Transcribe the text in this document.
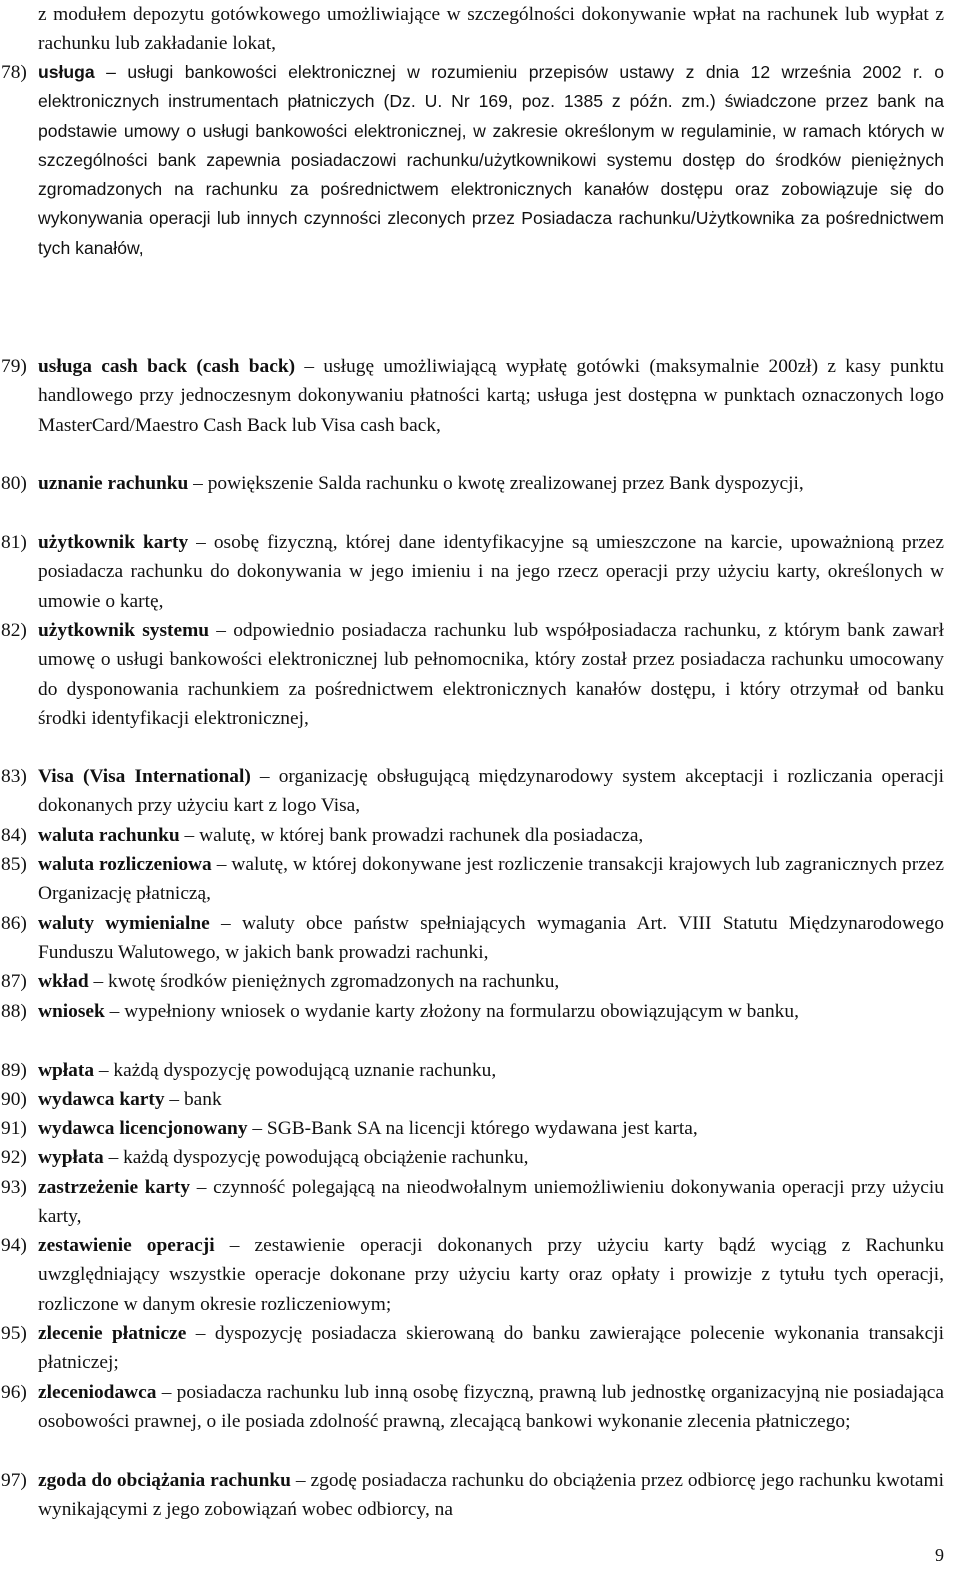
z modułem depozytu gotówkowego umożliwiające w szczególności dokonywanie wpłat na rachunek lub wypłat z rachunku lub zakładanie lokat,
78) usługa – usługi bankowości elektronicznej w rozumieniu przepisów ustawy z dnia 12 września 2002 r. o elektronicznych instrumentach płatniczych (Dz. U. Nr 169, poz. 1385 z późn. zm.) świadczone przez bank na podstawie umowy o usługi bankowości elektronicznej, w zakresie określonym w regulaminie, w ramach których w szczególności bank zapewnia posiadaczowi rachunku/użytkownikowi systemu dostęp do środków pieniężnych zgromadzonych na rachunku za pośrednictwem elektronicznych kanałów dostępu oraz zobowiązuje się do wykonywania operacji lub innych czynności zleconych przez Posiadacza rachunku/Użytkownika za pośrednictwem tych kanałów,
79) usługa cash back (cash back) – usługę umożliwiającą wypłatę gotówki (maksymalnie 200zł) z kasy punktu handlowego przy jednoczesnym dokonywaniu płatności kartą; usługa jest dostępna w punktach oznaczonych logo MasterCard/Maestro Cash Back lub Visa cash back,
80) uznanie rachunku – powiększenie Salda rachunku o kwotę zrealizowanej przez Bank dyspozycji,
81) użytkownik karty – osobę fizyczną, której dane identyfikacyjne są umieszczone na karcie, upoważnioną przez posiadacza rachunku do dokonywania w jego imieniu i na jego rzecz operacji przy użyciu karty, określonych w umowie o kartę,
82) użytkownik systemu – odpowiednio posiadacza rachunku lub współposiadacza rachunku, z którym bank zawarł umowę o usługi bankowości elektronicznej lub pełnomocnika, który został przez posiadacza rachunku umocowany do dysponowania rachunkiem za pośrednictwem elektronicznych kanałów dostępu, i który otrzymał od banku środki identyfikacji elektronicznej,
83) Visa (Visa International) – organizację obsługującą międzynarodowy system akceptacji i rozliczania operacji dokonanych przy użyciu kart z logo Visa,
84) waluta rachunku – walutę, w której bank prowadzi rachunek dla posiadacza,
85) waluta rozliczeniowa – walutę, w której dokonywane jest rozliczenie transakcji krajowych lub zagranicznych przez Organizację płatniczą,
86) waluty wymienialne – waluty obce państw spełniających wymagania Art. VIII Statutu Międzynarodowego Funduszu Walutowego, w jakich bank prowadzi rachunki,
87) wkład – kwotę środków pieniężnych zgromadzonych na rachunku,
88) wniosek – wypełniony wniosek o wydanie karty złożony na formularzu obowiązującym w banku,
89) wpłata – każdą dyspozycję powodującą uznanie rachunku,
90) wydawca karty – bank
91) wydawca licencjonowany – SGB-Bank SA na licencji którego wydawana jest karta,
92) wypłata – każdą dyspozycję powodującą obciążenie rachunku,
93) zastrzeżenie karty – czynność polegającą na nieodwołalnym uniemożliwieniu dokonywania operacji przy użyciu karty,
94) zestawienie operacji – zestawienie operacji dokonanych przy użyciu karty bądź wyciąg z Rachunku uwzględniający wszystkie operacje dokonane przy użyciu karty oraz opłaty i prowizje z tytułu tych operacji, rozliczone w danym okresie rozliczeniowym;
95) zlecenie płatnicze – dyspozycję posiadacza skierowaną do banku zawierające polecenie wykonania transakcji płatniczej;
96) zleceniodawca – posiadacza rachunku lub inną osobę fizyczną, prawną lub jednostkę organizacyjną nie posiadająca osobowości prawnej, o ile posiada zdolność prawną, zlecającą bankowi wykonanie zlecenia płatniczego;
97) zgoda do obciążania rachunku – zgodę posiadacza rachunku do obciążenia przez odbiorcę jego rachunku kwotami wynikającymi z jego zobowiązań wobec odbiorcy, na
9
